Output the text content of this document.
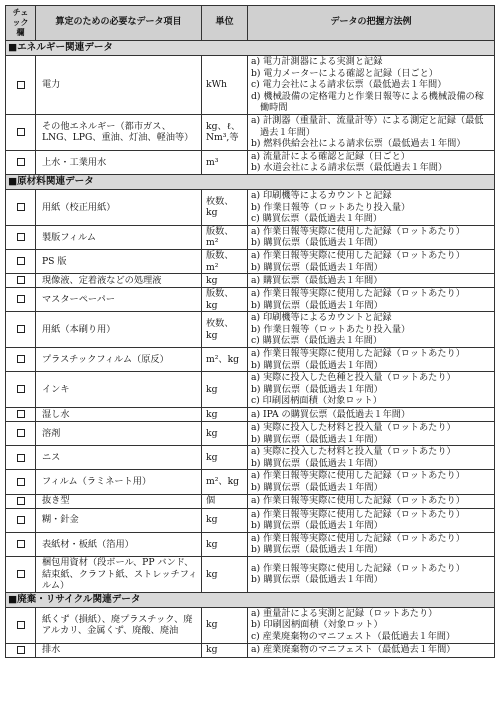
チェック欄	算定のための必要なデータ項目	単位	データの把握方法例
■エネルギー関連データ			
	電力	kWh	a) 電力計測器による実測と記録
b) 電力メーターによる確認と記録（日ごと）
c) 電力会社による請求伝票（最低過去１年間）
d) 機械設備の定格電力と作業日報等による機械設備の稼働時間

	その他エネルギー（都市ガス、LNG、LPG、重油、灯油、軽油等）	kg、ℓ、Nm³,等	a) 計測器（重量計、流量計等）による測定と記録（最低過去１年間）
b) 燃料供給会社による請求伝票（最低過去１年間）

	上水・工業用水	m³	a) 流量計による確認と記録（日ごと）
b) 水道会社による請求伝票（最低過去１年間）

■原材料関連データ			
	用紙（校正用紙）	枚数、kg	a) 印刷機等によるカウントと記録
b) 作業日報等（ロットあたり投入量）
c) 購買伝票（最低過去１年間）

	製版フィルム	版数、m²	a) 作業日報等実際に使用した記録（ロットあたり）
b) 購買伝票（最低過去１年間）

	PS 版	版数、m²	a) 作業日報等実際に使用した記録（ロットあたり）
b) 購買伝票（最低過去１年間）

	現像液、定着液などの処理液	kg	a) 購買伝票（最低過去１年間）

	マスターペーパー	版数、kg	a) 作業日報等実際に使用した記録（ロットあたり）
b) 購買伝票（最低過去１年間）

	用紙（本刷り用）	枚数、kg	a) 印刷機等によるカウントと記録
b) 作業日報等（ロットあたり投入量）
c) 購買伝票（最低過去１年間）

	プラスチックフィルム（原反）	m²、kg	a) 作業日報等実際に使用した記録（ロットあたり）
b) 購買伝票（最低過去１年間）

	インキ	kg	a) 実際に投入した色種と投入量（ロットあたり）
b) 購買伝票（最低過去１年間）
c) 印刷図柄面積（対象ロット）

	湿し水	kg	a) IPA の購買伝票（最低過去１年間）

	溶剤	kg	a) 実際に投入した材料と投入量（ロットあたり）
b) 購買伝票（最低過去１年間）

	ニス	kg	a) 実際に投入した材料と投入量（ロットあたり）
b) 購買伝票（最低過去１年間）

	フィルム（ラミネート用）	m²、kg	a) 作業日報等実際に使用した記録（ロットあたり）
b) 購買伝票（最低過去１年間）

	抜き型	個	a) 作業日報等実際に使用した記録（ロットあたり）

	糊・針金	kg	a) 作業日報等実際に使用した記録（ロットあたり）
b) 購買伝票（最低過去１年間）

	表紙材・板紙（箔用）	kg	a) 作業日報等実際に使用した記録（ロットあたり）
b) 購買伝票（最低過去１年間）

	梱包用資材（段ボール、PP バンド、結束紙、クラフト紙、ストレッチフィルム）	kg	a) 作業日報等実際に使用した記録（ロットあたり）
b) 購買伝票（最低過去１年間）

■廃棄・リサイクル関連データ			
	紙くず（損紙）、廃プラスチック、廃アルカリ、金属くず、廃酸、廃油	kg	a) 重量計による実測と記録（ロットあたり）
b) 印刷図柄面積（対象ロット）
c) 産業廃棄物のマニフェスト（最低過去１年間）

	排水	kg	a) 産業廃棄物のマニフェスト（最低過去１年間）
